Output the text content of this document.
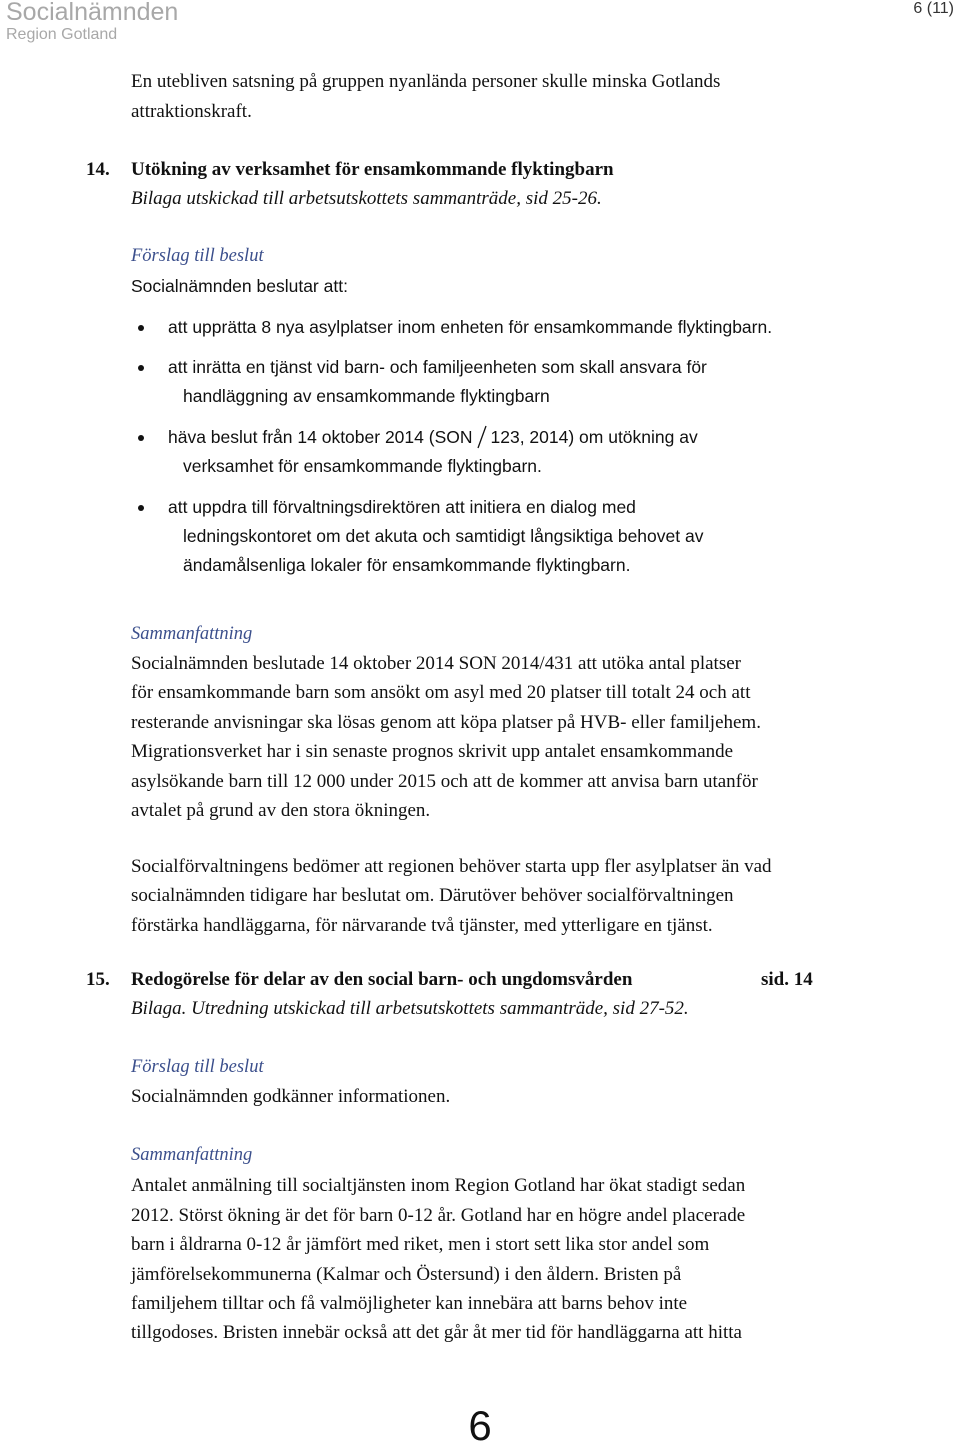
Socialnämnden
Region Gotland
6 (11)
En utebliven satsning på gruppen nyanlända personer skulle minska Gotlands
attraktionskraft.
14. Utökning av verksamhet för ensamkommande flyktingbarn
Bilaga utskickad till arbetsutskottets sammanträde, sid 25-26.
Förslag till beslut
Socialnämnden beslutar att:
att upprätta 8 nya asylplatser inom enheten för ensamkommande flyktingbarn.
att inrätta en tjänst vid barn- och familjeenheten som skall ansvara för
handläggning av ensamkommande flyktingbarn
häva beslut från 14 oktober 2014 (SON 123, 2014) om utökning av
verksamhet för ensamkommande flyktingbarn.
att uppdra till förvaltningsdirektören att initiera en dialog med
ledningskontoret om det akuta och samtidigt långsiktiga behovet av
ändamålsenliga lokaler för ensamkommande flyktingbarn.
Sammanfattning
Socialnämnden beslutade 14 oktober 2014 SON 2014/431 att utöka antal platser
för ensamkommande barn som ansökt om asyl med 20 platser till totalt 24 och att
resterande anvisningar ska lösas genom att köpa platser på HVB- eller familjehem.
Migrationsverket har i sin senaste prognos skrivit upp antalet ensamkommande
asylsökande barn till 12 000 under 2015 och att de kommer att anvisa barn utanför
avtalet på grund av den stora ökningen.
Socialförvaltningens bedömer att regionen behöver starta upp fler asylplatser än vad
socialnämnden tidigare har beslutat om. Därutöver behöver socialförvaltningen
förstärka handläggarna, för närvarande två tjänster, med ytterligare en tjänst.
15. Redogörelse för delar av den social barn- och ungdomsvården	sid. 14
Bilaga. Utredning utskickad till arbetsutskottets sammanträde, sid 27-52.
Förslag till beslut
Socialnämnden godkänner informationen.
Sammanfattning
Antalet anmälning till socialtjänsten inom Region Gotland har ökat stadigt sedan
2012. Störst ökning är det för barn 0-12 år. Gotland har en högre andel placerade
barn i åldrarna 0-12 år jämfört med riket, men i stort sett lika stor andel som
jämförelsekommunerna (Kalmar och Östersund) i den åldern. Bristen på
familjehem tilltar och få valmöjligheter kan innebära att barns behov inte
tillgodoses. Bristen innebär också att det går åt mer tid för handläggarna att hitta
6
